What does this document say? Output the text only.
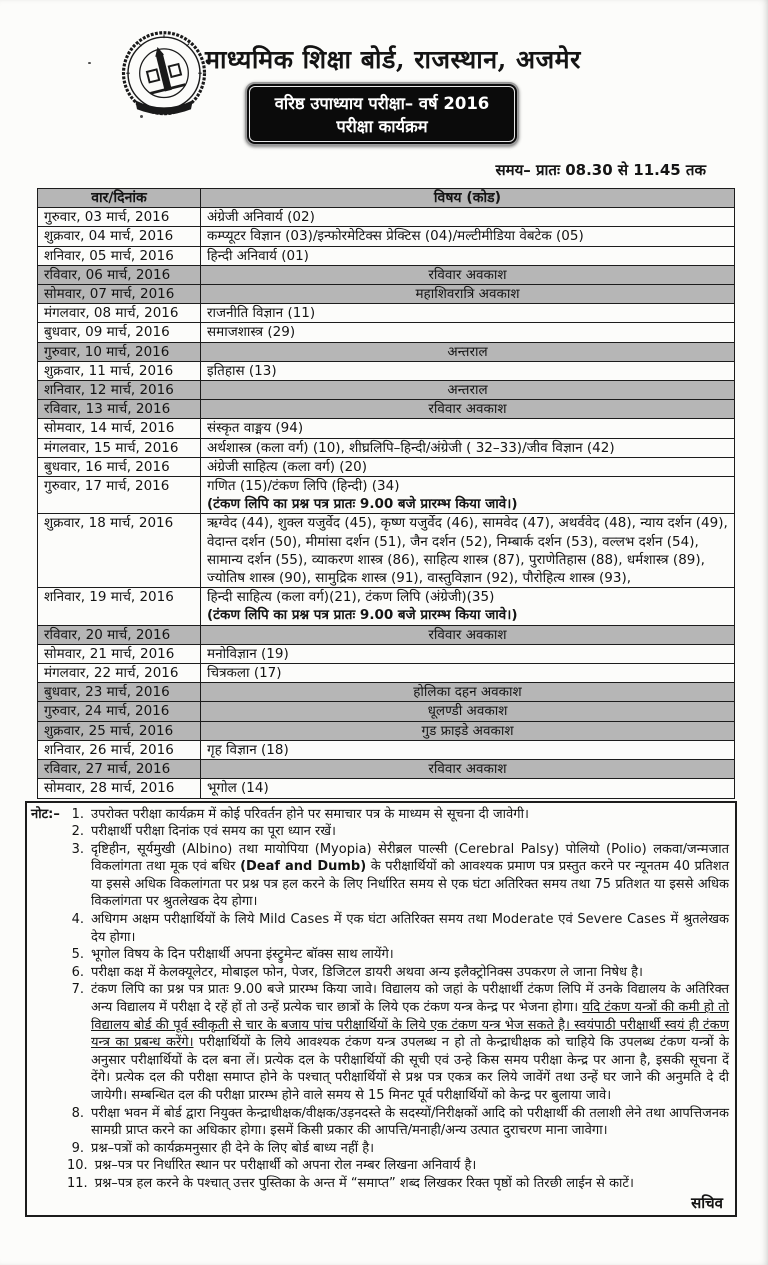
माध्यमिक शिक्षा बोर्ड, राजस्थान, अजमेर
वरिष्ठ उपाध्याय परीक्षा– वर्ष 2016
परीक्षा कार्यक्रम
समय– प्रातः 08.30 से 11.45 तक
वार/दिनांक	विषय (कोड)
गुरुवार, 03 मार्च, 2016	अंग्रेजी अनिवार्य (02)

शुक्रवार, 04 मार्च, 2016	कम्प्यूटर विज्ञान (03)/इन्फोरमेटिक्स प्रेक्टिस (04)/मल्टीमीडिया वेबटेक (05)

शनिवार, 05 मार्च, 2016	हिन्दी अनिवार्य (01)

रविवार, 06 मार्च, 2016	रविवार अवकाश

सोमवार, 07 मार्च, 2016	महाशिवरात्रि अवकाश

मंगलवार, 08 मार्च, 2016	राजनीति विज्ञान (11)

बुधवार, 09 मार्च, 2016	समाजशास्त्र (29)

गुरुवार, 10 मार्च, 2016	अन्तराल

शुक्रवार, 11 मार्च, 2016	इतिहास (13)

शनिवार, 12 मार्च, 2016	अन्तराल

रविवार, 13 मार्च, 2016	रविवार अवकाश

सोमवार, 14 मार्च, 2016	संस्कृत वाङ्मय (94)

मंगलवार, 15 मार्च, 2016	अर्थशास्त्र (कला वर्ग) (10), शीघ्रलिपि–हिन्दी/अंग्रेजी ( 32–33)/जीव विज्ञान (42)

बुधवार, 16 मार्च, 2016	अंग्रेजी साहित्य (कला वर्ग) (20)

गुरुवार, 17 मार्च, 2016	गणित (15)/टंकण लिपि (हिन्दी) (34)
(टंकण लिपि का प्रश्न पत्र प्रातः 9.00 बजे प्रारम्भ किया जावे।)

शुक्रवार, 18 मार्च, 2016	ऋग्वेद (44), शुक्ल यजुर्वेद (45), कृष्ण यजुर्वेद (46), सामवेद (47), अथर्ववेद (48), न्याय दर्शन (49), वेदान्त दर्शन (50), मीमांसा दर्शन (51), जैन दर्शन (52), निम्बार्क दर्शन (53), वल्लभ दर्शन (54), सामान्य दर्शन (55), व्याकरण शास्त्र (86), साहित्य शास्त्र (87), पुराणेतिहास (88), धर्मशास्त्र (89), ज्योतिष शास्त्र (90), सामुद्रिक शास्त्र (91), वास्तुविज्ञान (92), पौरोहित्य शास्त्र (93),

शनिवार, 19 मार्च, 2016	हिन्दी साहित्य (कला वर्ग)(21), टंकण लिपि (अंग्रेजी)(35)
(टंकण लिपि का प्रश्न पत्र प्रातः 9.00 बजे प्रारम्भ किया जावे।)

रविवार, 20 मार्च, 2016	रविवार अवकाश

सोमवार, 21 मार्च, 2016	मनोविज्ञान (19)

मंगलवार, 22 मार्च, 2016	चित्रकला (17)

बुधवार, 23 मार्च, 2016	होलिका दहन अवकाश

गुरुवार, 24 मार्च, 2016	धूलण्डी अवकाश

शुक्रवार, 25 मार्च, 2016	गुड फ्राइडे अवकाश

शनिवार, 26 मार्च, 2016	गृह विज्ञान (18)

रविवार, 27 मार्च, 2016	रविवार अवकाश

सोमवार, 28 मार्च, 2016	भूगोल (14)
नोट:– 1. उपरोक्त परीक्षा कार्यक्रम में कोई परिवर्तन होने पर समाचार पत्र के माध्यम से सूचना दी जावेगी।
2. परीक्षार्थी परीक्षा दिनांक एवं समय का पूरा ध्यान रखें।
3. दृष्टिहीन, सूर्यमुखी (Albino) तथा मायोपिया (Myopia) सेरीब्रल पाल्सी (Cerebral Palsy) पोलियो (Polio) लकवा/जन्मजात विकलांगता तथा मूक एवं बधिर (Deaf and Dumb) के परीक्षार्थियों को आवश्यक प्रमाण पत्र प्रस्तुत करने पर न्यूनतम 40 प्रतिशत या इससे अधिक विकलांगता पर प्रश्न पत्र हल करने के लिए निर्धारित समय से एक घंटा अतिरिक्त समय तथा 75 प्रतिशत या इससे अधिक विकलांगता पर श्रुतलेखक देय होगा।
4. अधिगम अक्षम परीक्षार्थियों के लिये Mild Cases में एक घंटा अतिरिक्त समय तथा Moderate एवं Severe Cases में श्रुतलेखक देय होगा।
5. भूगोल विषय के दिन परीक्षार्थी अपना इंस्ट्रुमेन्ट बॉक्स साथ लायेंगे।
6. परीक्षा कक्ष में केलक्यूलेटर, मोबाइल फोन, पेजर, डिजिटल डायरी अथवा अन्य इलैक्ट्रोनिक्स उपकरण ले जाना निषेध है।
7. टंकण लिपि का प्रश्न पत्र प्रातः 9.00 बजे प्रारम्भ किया जावे। विद्यालय को जहां के परीक्षार्थी टंकण लिपि में उनके विद्यालय के अतिरिक्त अन्य विद्यालय में परीक्षा दे रहें हों तो उन्हें प्रत्येक चार छात्रों के लिये एक टंकण यन्त्र केन्द्र पर भेजना होगा। यदि टंकण यन्त्रों की कमी हो तो विद्यालय बोर्ड की पूर्व स्वीकृती से चार के बजाय पांच परीक्षार्थियों के लिये एक टंकण यन्त्र भेज सकते है। स्वयंपाठी परीक्षार्थी स्वयं ही टंकण यन्त्र का प्रबन्ध करेंगे। परीक्षार्थियों के लिये आवश्यक टंकण यन्त्र उपलब्ध न हो तो केन्द्राधीक्षक को चाहिये कि उपलब्ध टंकण यन्त्रों के अनुसार परीक्षार्थियों के दल बना लें। प्रत्येक दल के परीक्षार्थियों की सूची एवं उन्हे किस समय परीक्षा केन्द्र पर आना है, इसकी सूचना दें देंगे। प्रत्येक दल की परीक्षा समाप्त होने के पश्चात् परीक्षार्थियों से प्रश्न पत्र एकत्र कर लिये जावेंगें तथा उन्हें घर जाने की अनुमति दे दी जायेगी। सम्बन्धित दल की परीक्षा प्रारम्भ होने वाले समय से 15 मिनट पूर्व परीक्षार्थियों को केन्द्र पर बुलाया जावे।
8. परीक्षा भवन में बोर्ड द्वारा नियुक्त केन्द्राधीक्षक/वीक्षक/उड़नदस्ते के सदस्यों/निरीक्षकों आदि को परीक्षार्थी की तलाशी लेने तथा आपत्तिजनक सामग्री प्राप्त करने का अधिकार होगा। इसमें किसी प्रकार की आपत्ति/मनाही/अन्य उत्पात दुराचरण माना जावेगा।
9. प्रश्न–पत्रों को कार्यक्रमनुसार ही देने के लिए बोर्ड बाध्य नहीं है।
10. प्रश्न–पत्र पर निर्धारित स्थान पर परीक्षार्थी को अपना रोल नम्बर लिखना अनिवार्य है।
11. प्रश्न–पत्र हल करने के पश्चात् उत्तर पुस्तिका के अन्त में “समाप्त” शब्द लिखकर रिक्त पृष्ठों को तिरछी लाईन से काटें।
सचिव
